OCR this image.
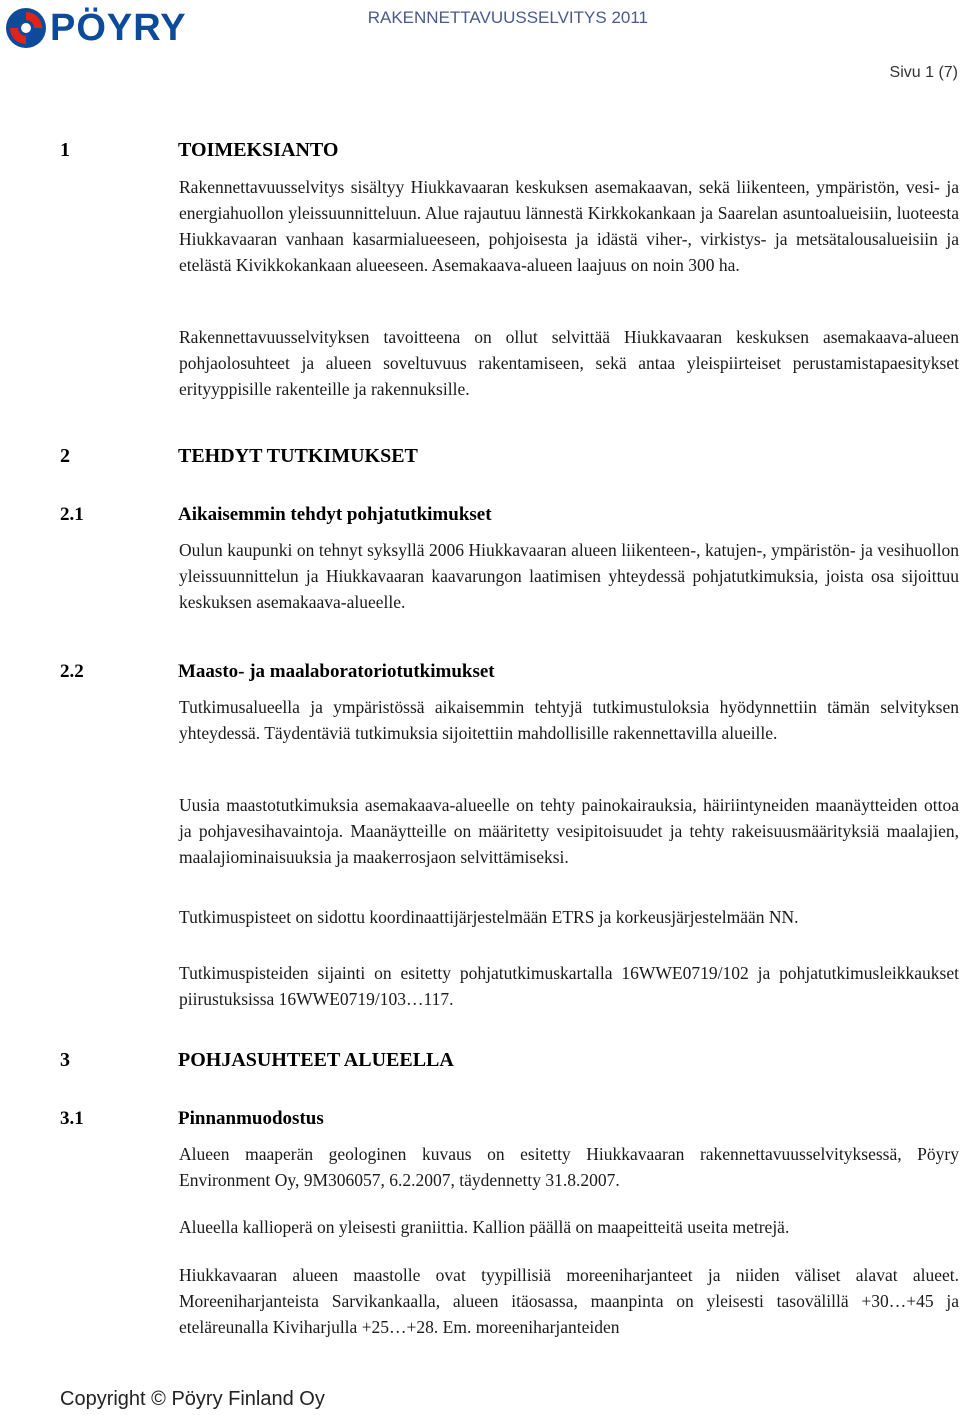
PÖYRY	RAKENNETTAVUUSSELVITYS 2011
Sivu 1 (7)
1	TOIMEKSIANTO

Rakennettavuusselvitys sisältyy Hiukkavaaran keskuksen asemakaavan, sekä liikenteen, ympäristön, vesi- ja energiahuollon yleissuunnitteluun. Alue rajautuu lännestä Kirkkokankaan ja Saarelan asuntoalueisiin, luoteesta Hiukkavaaran vanhaan kasarmialueeseen, pohjoisesta ja idästä viher-, virkistys- ja metsätalousalueisiin ja etelästä Kivikkokankaan alueeseen. Asemakaava-alueen laajuus on noin 300 ha.

Rakennettavuusselvityksen tavoitteena on ollut selvittää Hiukkavaaran keskuksen asemakaava-alueen pohjaolosuhteet ja alueen soveltuvuus rakentamiseen, sekä antaa yleispiirteiset perustamistapaesitykset erityyppisille rakenteille ja rakennuksille.

2	TEHDYT TUTKIMUKSET
2.1	Aikaisemmin tehdyt pohjatutkimukset

Oulun kaupunki on tehnyt syksyllä 2006 Hiukkavaaran alueen liikenteen-, katujen-, ympäristön- ja vesihuollon yleissuunnittelun ja Hiukkavaaran kaavarungon laatimisen yhteydessä pohjatutkimuksia, joista osa sijoittuu keskuksen asemakaava-alueelle.

2.2	Maasto- ja maalaboratoriotutkimukset

Tutkimusalueella ja ympäristössä aikaisemmin tehtyjä tutkimustuloksia hyödynnettiin tämän selvityksen yhteydessä. Täydentäviä tutkimuksia sijoitettiin mahdollisille rakennettavilla alueille.

Uusia maastotutkimuksia asemakaava-alueelle on tehty painokairauksia, häiriintyneiden maanäytteiden ottoa ja pohjavesihavaintoja. Maanäytteille on määritetty vesipitoisuudet ja tehty rakeisuusmäärityksiä maalajien, maalajiominaisuuksia ja maakerrosjaon selvittämiseksi.

Tutkimuspisteet on sidottu koordinaattijärjestelmään ETRS ja korkeusjärjestelmään NN.

Tutkimuspisteiden sijainti on esitetty pohjatutkimuskartalla 16WWE0719/102 ja pohjatutkimusleikkaukset piirustuksissa 16WWE0719/103…117.

3	POHJASUHTEET ALUEELLA
3.1	Pinnanmuodostus

Alueen maaperän geologinen kuvaus on esitetty Hiukkavaaran rakennettavuusselvityksessä, Pöyry Environment Oy, 9M306057, 6.2.2007, täydennetty 31.8.2007.

Alueella kallioperä on yleisesti graniittia. Kallion päällä on maapeitteitä useita metrejä.

Hiukkavaaran alueen maastolle ovat tyypillisiä moreeniharjanteet ja niiden väliset alavat alueet. Moreeniharjanteista Sarvikankaalla, alueen itäosassa, maanpinta on yleisesti tasovälillä +30…+45 ja eteläreunalla Kiviharjulla +25…+28. Em. moreeniharjanteiden

Copyright © Pöyry Finland Oy
